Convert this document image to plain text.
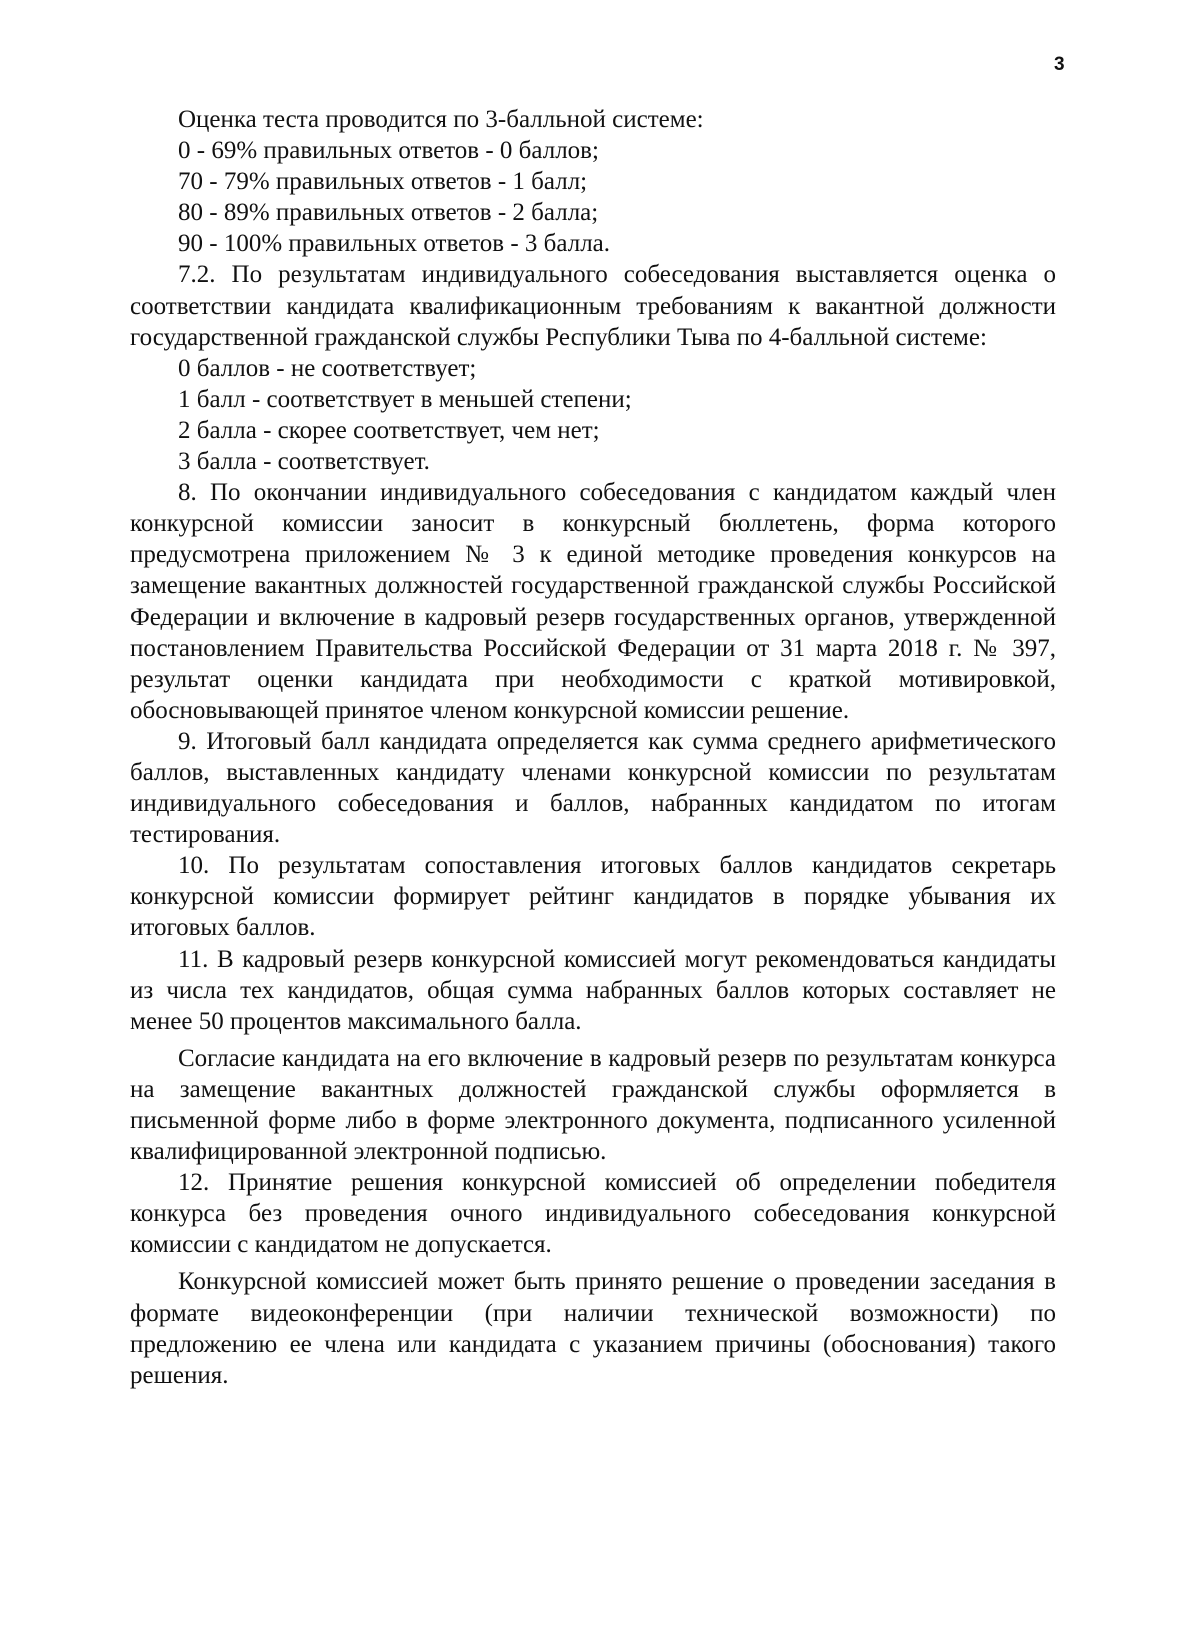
3

Оценка теста проводится по 3-балльной системе:

0 - 69% правильных ответов - 0 баллов;

70 - 79% правильных ответов - 1 балл;

80 - 89% правильных ответов - 2 балла;

90 - 100% правильных ответов - 3 балла.

7.2. По результатам индивидуального собеседования выставляется оценка о соответствии кандидата квалификационным требованиям к вакантной должности государственной гражданской службы Республики Тыва по 4-балльной системе:

0 баллов - не соответствует;

1 балл - соответствует в меньшей степени;

2 балла - скорее соответствует, чем нет;

3 балла - соответствует.

8. По окончании индивидуального собеседования с кандидатом каждый член конкурсной комиссии заносит в конкурсный бюллетень, форма которого предусмотрена приложением № 3 к единой методике проведения конкурсов на замещение вакантных должностей государственной гражданской службы Российской Федерации и включение в кадровый резерв государственных органов, утвержденной постановлением Правительства Российской Федерации от 31 марта 2018 г. № 397, результат оценки кандидата при необходимости с краткой мотивировкой, обосновывающей принятое членом конкурсной комиссии решение.

9. Итоговый балл кандидата определяется как сумма среднего арифметического баллов, выставленных кандидату членами конкурсной комиссии по результатам индивидуального собеседования и баллов, набранных кандидатом по итогам тестирования.

10. По результатам сопоставления итоговых баллов кандидатов секретарь конкурсной комиссии формирует рейтинг кандидатов в порядке убывания их итоговых баллов.

11. В кадровый резерв конкурсной комиссией могут рекомендоваться кандидаты из числа тех кандидатов, общая сумма набранных баллов которых составляет не менее 50 процентов максимального балла.

Согласие кандидата на его включение в кадровый резерв по результатам конкурса на замещение вакантных должностей гражданской службы оформляется в письменной форме либо в форме электронного документа, подписанного усиленной квалифицированной электронной подписью.

12. Принятие решения конкурсной комиссией об определении победителя конкурса без проведения очного индивидуального собеседования конкурсной комиссии с кандидатом не допускается.

Конкурсной комиссией может быть принято решение о проведении заседания в формате видеоконференции (при наличии технической возможности) по предложению ее члена или кандидата с указанием причины (обоснования) такого решения.
